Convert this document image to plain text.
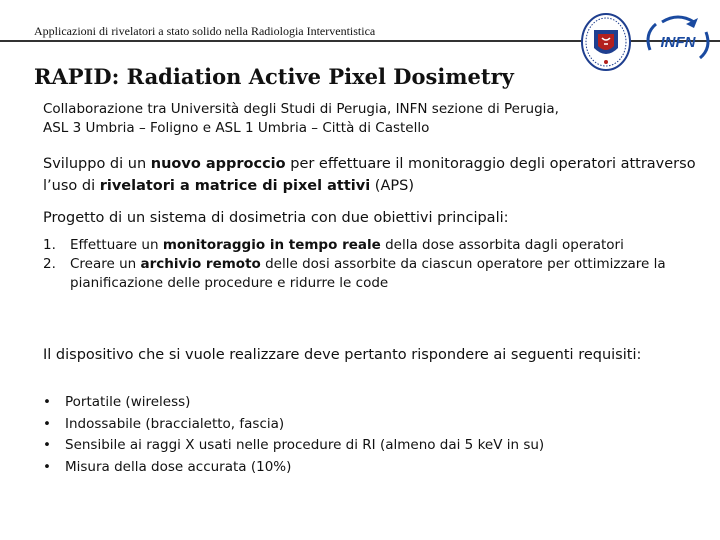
Applicazioni di rivelatori a stato solido nella Radiologia Interventistica
INFN
RAPID: Radiation Active Pixel Dosimetry

Collaborazione tra Università degli Studi di Perugia, INFN sezione di Perugia,
ASL 3 Umbria – Foligno e ASL 1 Umbria – Città di Castello

Sviluppo di un nuovo approccio per effettuare il monitoraggio degli operatori attraverso l’uso di rivelatori a matrice di pixel attivi (APS)

Progetto di un sistema di dosimetria con due obiettivi principali:

1. Effettuare un monitoraggio in tempo reale della dose assorbita dagli operatori
2. Creare un archivio remoto delle dosi assorbite da ciascun operatore per ottimizzare la pianificazione delle procedure e ridurre le code

Il dispositivo che si vuole realizzare deve pertanto rispondere ai seguenti requisiti:

• Portatile (wireless)
• Indossabile (braccialetto, fascia)
• Sensibile ai raggi X usati nelle procedure di RI (almeno dai 5 keV in su)
• Misura della dose accurata (10%)
